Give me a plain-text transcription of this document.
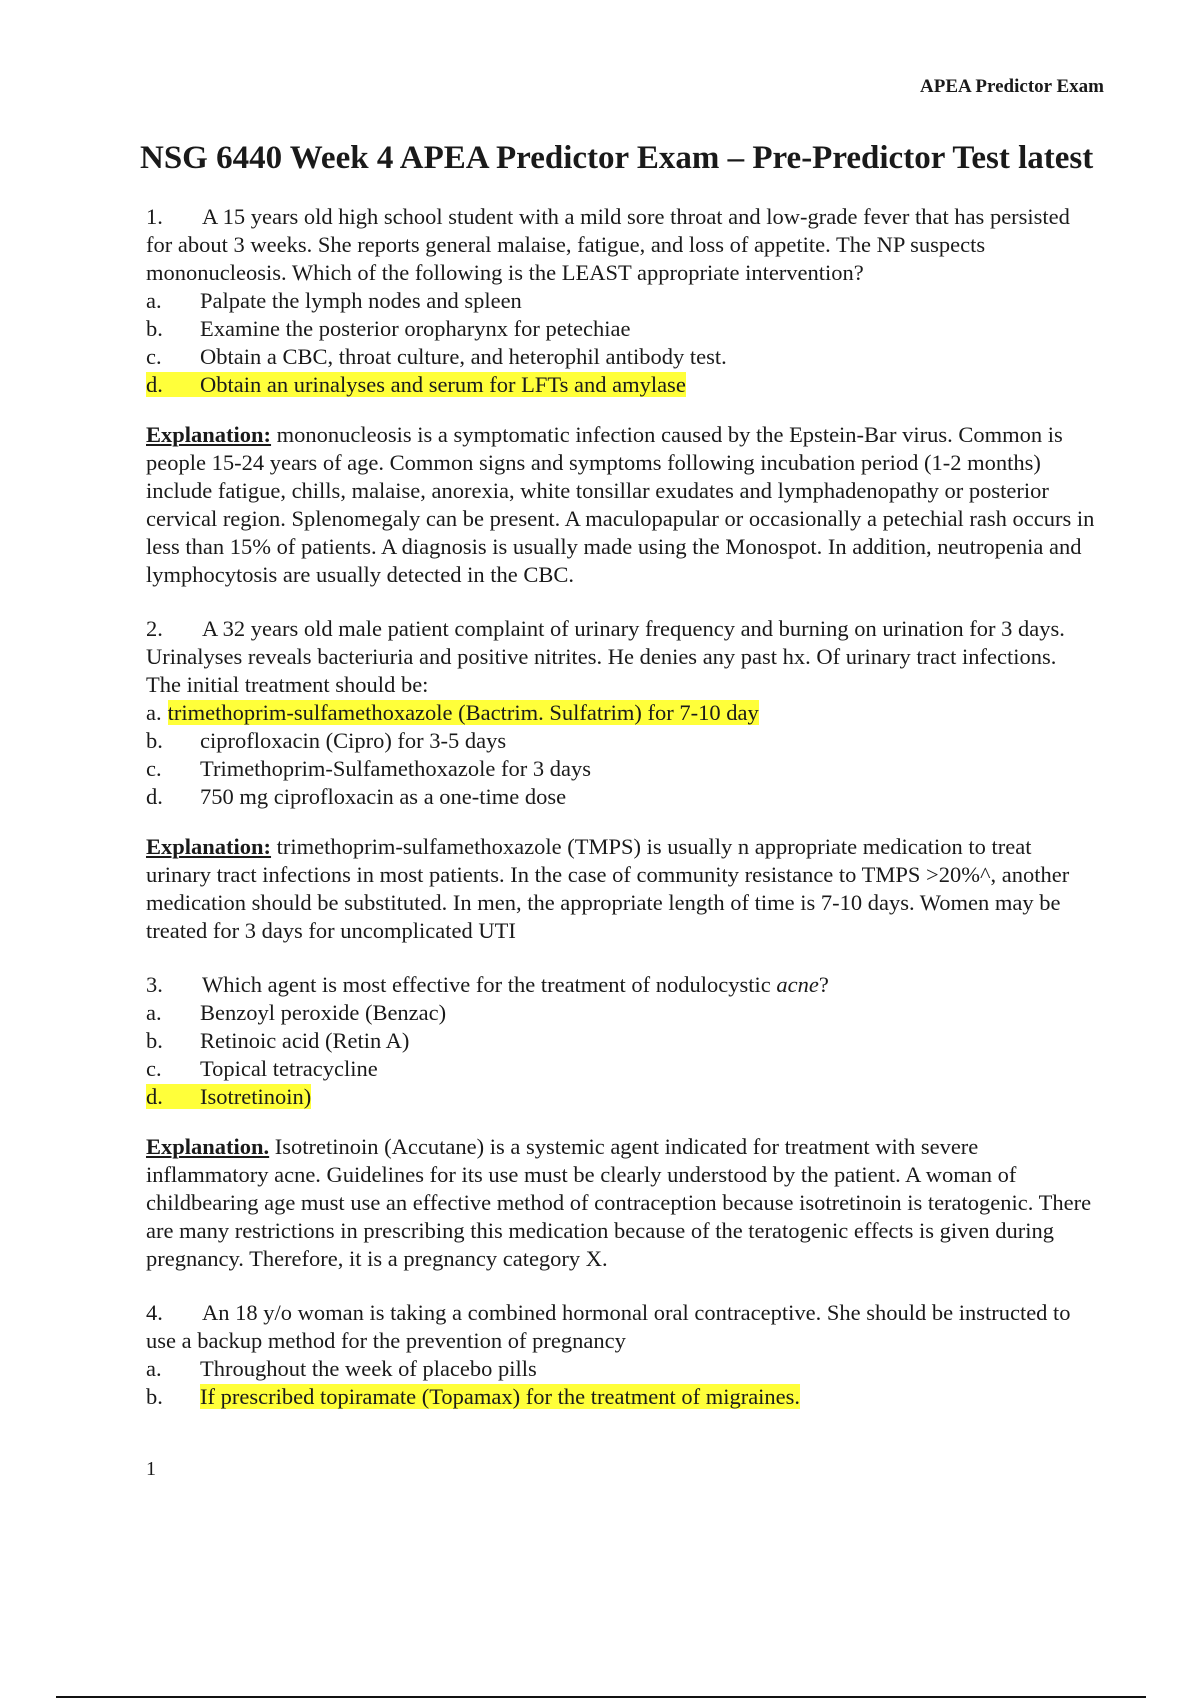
APEA Predictor Exam
NSG 6440 Week 4 APEA Predictor Exam – Pre-Predictor Test latest

1. A 15 years old high school student with a mild sore throat and low-grade fever that has persisted for about 3 weeks. She reports general malaise, fatigue, and loss of appetite. The NP suspects mononucleosis. Which of the following is the LEAST appropriate intervention?

a. Palpate the lymph nodes and spleen
b. Examine the posterior oropharynx for petechiae
c. Obtain a CBC, throat culture, and heterophil antibody test.
d. Obtain an urinalyses and serum for LFTs and amylase

Explanation: mononucleosis is a symptomatic infection caused by the Epstein-Bar virus. Common is people 15-24 years of age. Common signs and symptoms following incubation period (1-2 months) include fatigue, chills, malaise, anorexia, white tonsillar exudates and lymphadenopathy or posterior cervical region. Splenomegaly can be present. A maculopapular or occasionally a petechial rash occurs in less than 15% of patients. A diagnosis is usually made using the Monospot. In addition, neutropenia and lymphocytosis are usually detected in the CBC.

2. A 32 years old male patient complaint of urinary frequency and burning on urination for 3 days. Urinalyses reveals bacteriuria and positive nitrites. He denies any past hx. Of urinary tract infections. The initial treatment should be:

a. trimethoprim-sulfamethoxazole (Bactrim. Sulfatrim) for 7-10 day
b. ciprofloxacin (Cipro) for 3-5 days
c. Trimethoprim-Sulfamethoxazole for 3 days
d. 750 mg ciprofloxacin as a one-time dose

Explanation: trimethoprim-sulfamethoxazole (TMPS) is usually n appropriate medication to treat urinary tract infections in most patients. In the case of community resistance to TMPS >20%^, another medication should be substituted. In men, the appropriate length of time is 7-10 days. Women may be treated for 3 days for uncomplicated UTI

3. Which agent is most effective for the treatment of nodulocystic acne?

a. Benzoyl peroxide (Benzac)
b. Retinoic acid (Retin A)
c. Topical tetracycline
d. Isotretinoin)

Explanation. Isotretinoin (Accutane) is a systemic agent indicated for treatment with severe inflammatory acne. Guidelines for its use must be clearly understood by the patient. A woman of childbearing age must use an effective method of contraception because isotretinoin is teratogenic. There are many restrictions in prescribing this medication because of the teratogenic effects is given during pregnancy. Therefore, it is a pregnancy category X.

4. An 18 y/o woman is taking a combined hormonal oral contraceptive. She should be instructed to use a backup method for the prevention of pregnancy

a. Throughout the week of placebo pills
b. If prescribed topiramate (Topamax) for the treatment of migraines.
1
